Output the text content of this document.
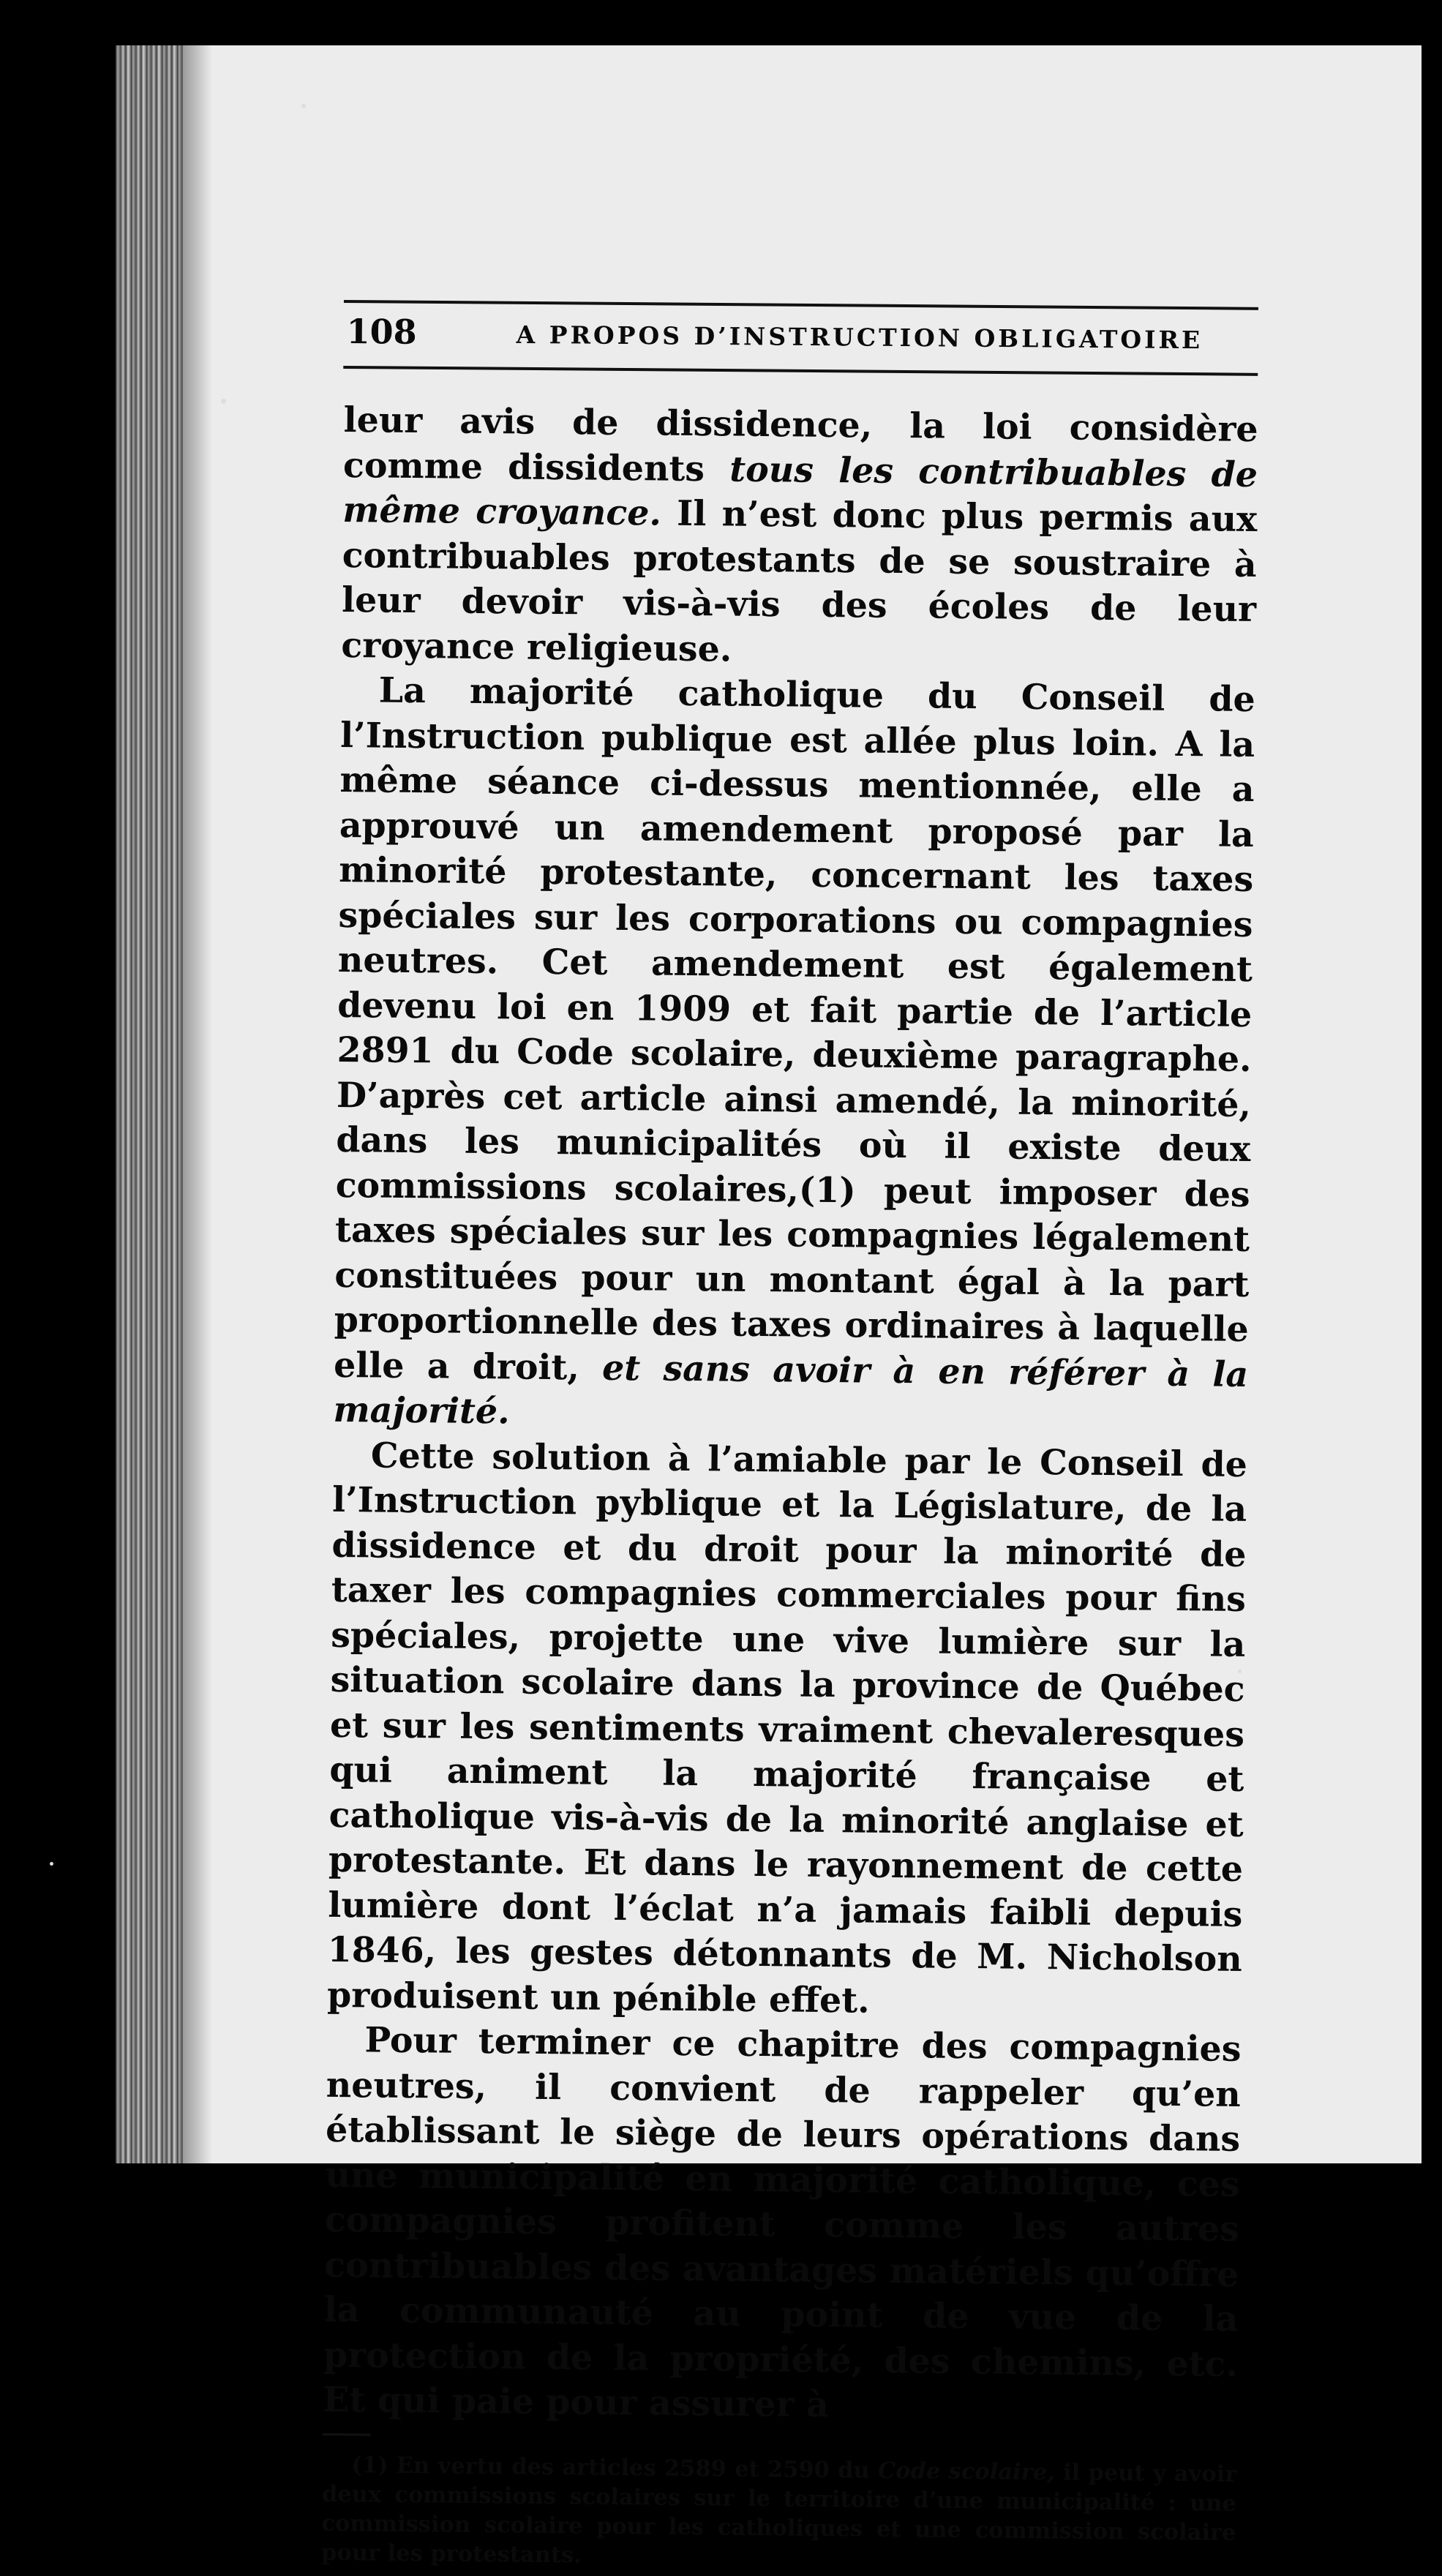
108	A PROPOS D’INSTRUCTION OBLIGATOIRE

leur avis de dissidence, la loi considère comme dissidents tous les contribuables de même croyance. Il n’est donc plus permis aux contribuables protestants de se soustraire à leur devoir vis-à-vis des écoles de leur croyance religieuse.

La majorité catholique du Conseil de l’Instruction publique est allée plus loin. A la même séance ci-dessus mentionnée, elle a approuvé un amendement proposé par la minorité protestante, concernant les taxes spéciales sur les corporations ou compagnies neutres. Cet amendement est également devenu loi en 1909 et fait partie de l’article 2891 du Code scolaire, deuxième paragraphe. D’après cet article ainsi amendé, la minorité, dans les municipalités où il existe deux commissions scolaires,(1) peut imposer des taxes spéciales sur les compagnies légalement constituées pour un montant égal à la part proportionnelle des taxes ordinaires à laquelle elle a droit, et sans avoir à en référer à la majorité.

Cette solution à l’amiable par le Conseil de l’Instruction pyblique et la Législature, de la dissidence et du droit pour la minorité de taxer les compagnies commerciales pour fins spéciales, projette une vive lumière sur la situation scolaire dans la province de Québec et sur les sentiments vraiment chevaleresques qui animent la majorité française et catholique vis-à-vis de la minorité anglaise et protestante. Et dans le rayonnement de cette lumière dont l’éclat n’a jamais faibli depuis 1846, les gestes détonnants de M. Nicholson produisent un pénible effet.

Pour terminer ce chapitre des compagnies neutres, il convient de rappeler qu’en établissant le siège de leurs opérations dans une municipalité en majorité catholique, ces compagnies profitent comme les autres contribuables des avantages matériels qu’offre la communauté au point de vue de la protection de la propriété, des chemins, etc. Et qui paie pour assurer à

(1) En vertu des articles 2589 et 2590 du Code scolaire, il peut y avoir deux commissions scolaires sur le territoire d’une municipalité : une commission scolaire pour les catholiques et une commission scolaire pour les protestants.
